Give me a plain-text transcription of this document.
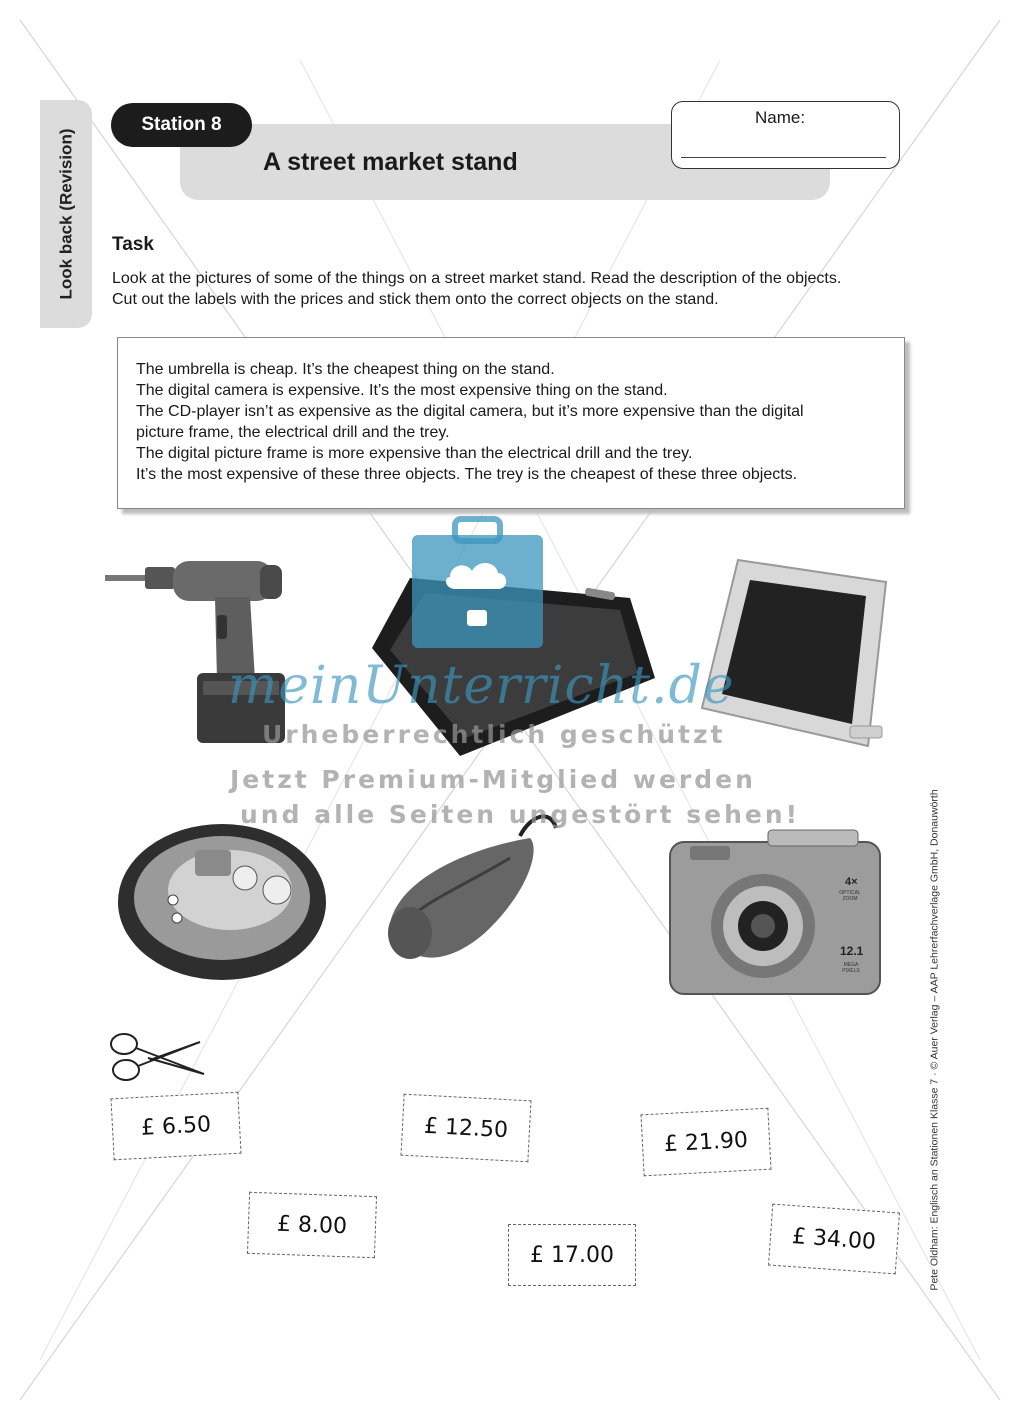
Look back (Revision)
Station 8
A street market stand
Name:
Task
Look at the pictures of some of the things on a street market stand. Read the description of the objects.
Cut out the labels with the prices and stick them onto the correct objects on the stand.
The umbrella is cheap. It’s the cheapest thing on the stand.
The digital camera is expensive. It’s the most expensive thing on the stand.
The CD-player isn’t as expensive as the digital camera, but it’s more expensive than the digital
picture frame, the electrical drill and the trey.
The digital picture frame is more expensive than the electrical drill and the trey.
It’s the most expensive of these three objects. The trey is the cheapest of these three objects.
4×
OPTICAL ZOOM
12.1
MEGA PIXELS
£ 6.50	£ 12.50	£ 21.90
£ 8.00
£ 17.00
£ 34.00
meinUnterricht.de
Urheberrechtlich geschützt
Jetzt Premium-Mitglied werden
und alle Seiten ungestört sehen!	Pete Oldham: Englisch an Stationen Klasse 7 · © Auer Verlag – AAP Lehrerfachverlage GmbH, Donauwörth
